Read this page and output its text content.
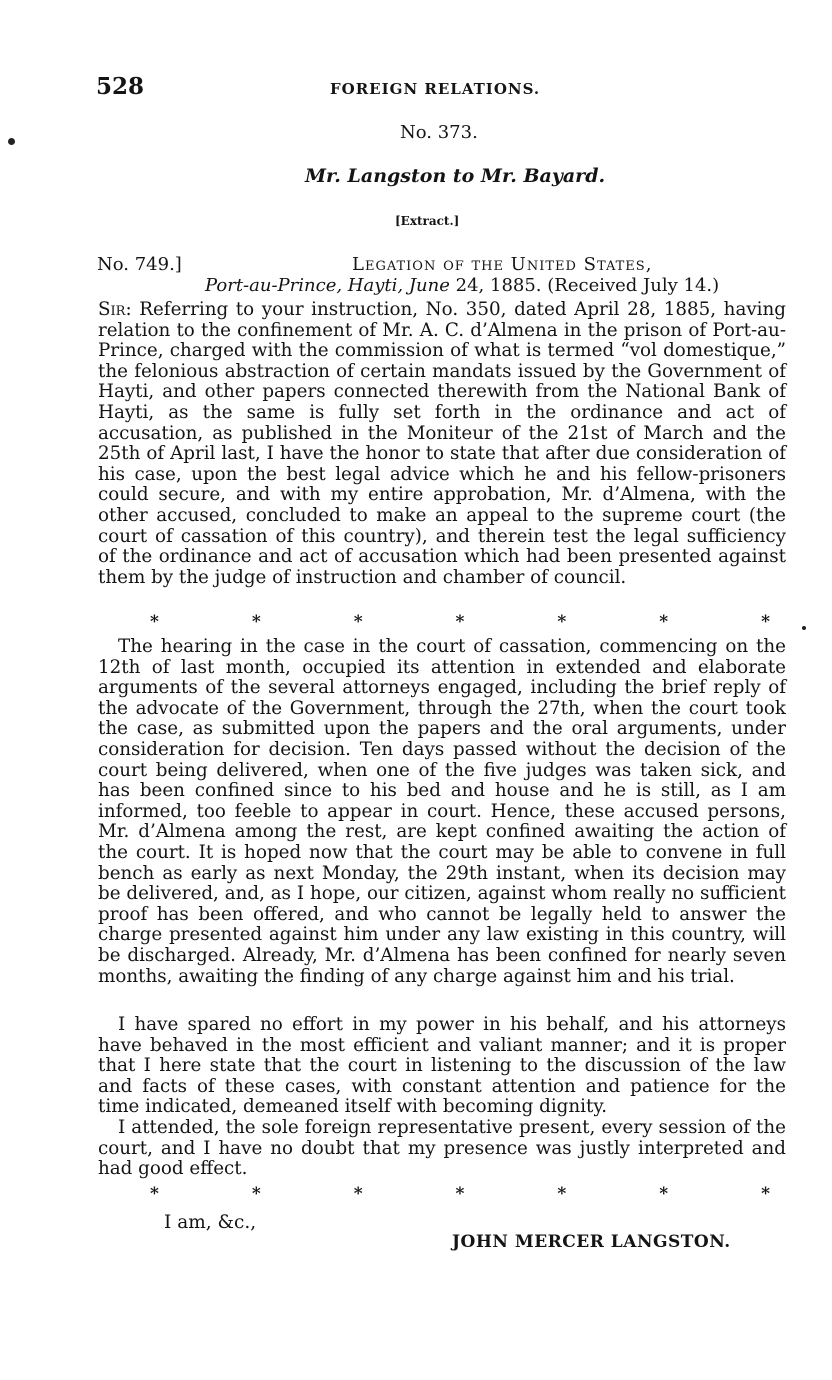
528	FOREIGN RELATIONS.
No. 373.
Mr. Langston to Mr. Bayard.
[Extract.]
No. 749.]	Legation of the United States,
Port-au-Prince, Hayti, June 24, 1885. (Received July 14.)
Sir: Referring to your instruction, No. 350, dated April 28, 1885, having relation to the confinement of Mr. A. C. d’Almena in the prison of Port-au-Prince, charged with the commission of what is termed “vol domestique,” the felonious abstraction of certain mandats issued by the Government of Hayti, and other papers connected therewith from the National Bank of Hayti, as the same is fully set forth in the ordinance and act of accusation, as published in the Moniteur of the 21st of March and the 25th of April last, I have the honor to state that after due consideration of his case, upon the best legal advice which he and his fellow-prisoners could secure, and with my entire approbation, Mr. d’Almena, with the other accused, concluded to make an appeal to the supreme court (the court of cassation of this country), and therein test the legal sufficiency of the ordinance and act of accusation which had been presented against them by the judge of instruction and chamber of council.
*	*	*	*	*	*	*
The hearing in the case in the court of cassation, commencing on the 12th of last month, occupied its attention in extended and elaborate arguments of the several attorneys engaged, including the brief reply of the advocate of the Government, through the 27th, when the court took the case, as submitted upon the papers and the oral arguments, under consideration for decision. Ten days passed without the decision of the court being delivered, when one of the five judges was taken sick, and has been confined since to his bed and house and he is still, as I am informed, too feeble to appear in court. Hence, these accused persons, Mr. d’Almena among the rest, are kept confined awaiting the action of the court. It is hoped now that the court may be able to convene in full bench as early as next Monday, the 29th instant, when its decision may be delivered, and, as I hope, our citizen, against whom really no sufficient proof has been offered, and who cannot be legally held to answer the charge presented against him under any law existing in this country, will be discharged. Already, Mr. d’Almena has been confined for nearly seven months, awaiting the finding of any charge against him and his trial.
I have spared no effort in my power in his behalf, and his attorneys have behaved in the most efficient and valiant manner; and it is proper that I here state that the court in listening to the discussion of the law and facts of these cases, with constant attention and patience for the time indicated, demeaned itself with becoming dignity.
I attended, the sole foreign representative present, every session of the court, and I have no doubt that my presence was justly interpreted and had good effect.
*	*	*	*	*	*	*
I am, &c.,
JOHN MERCER LANGSTON.
